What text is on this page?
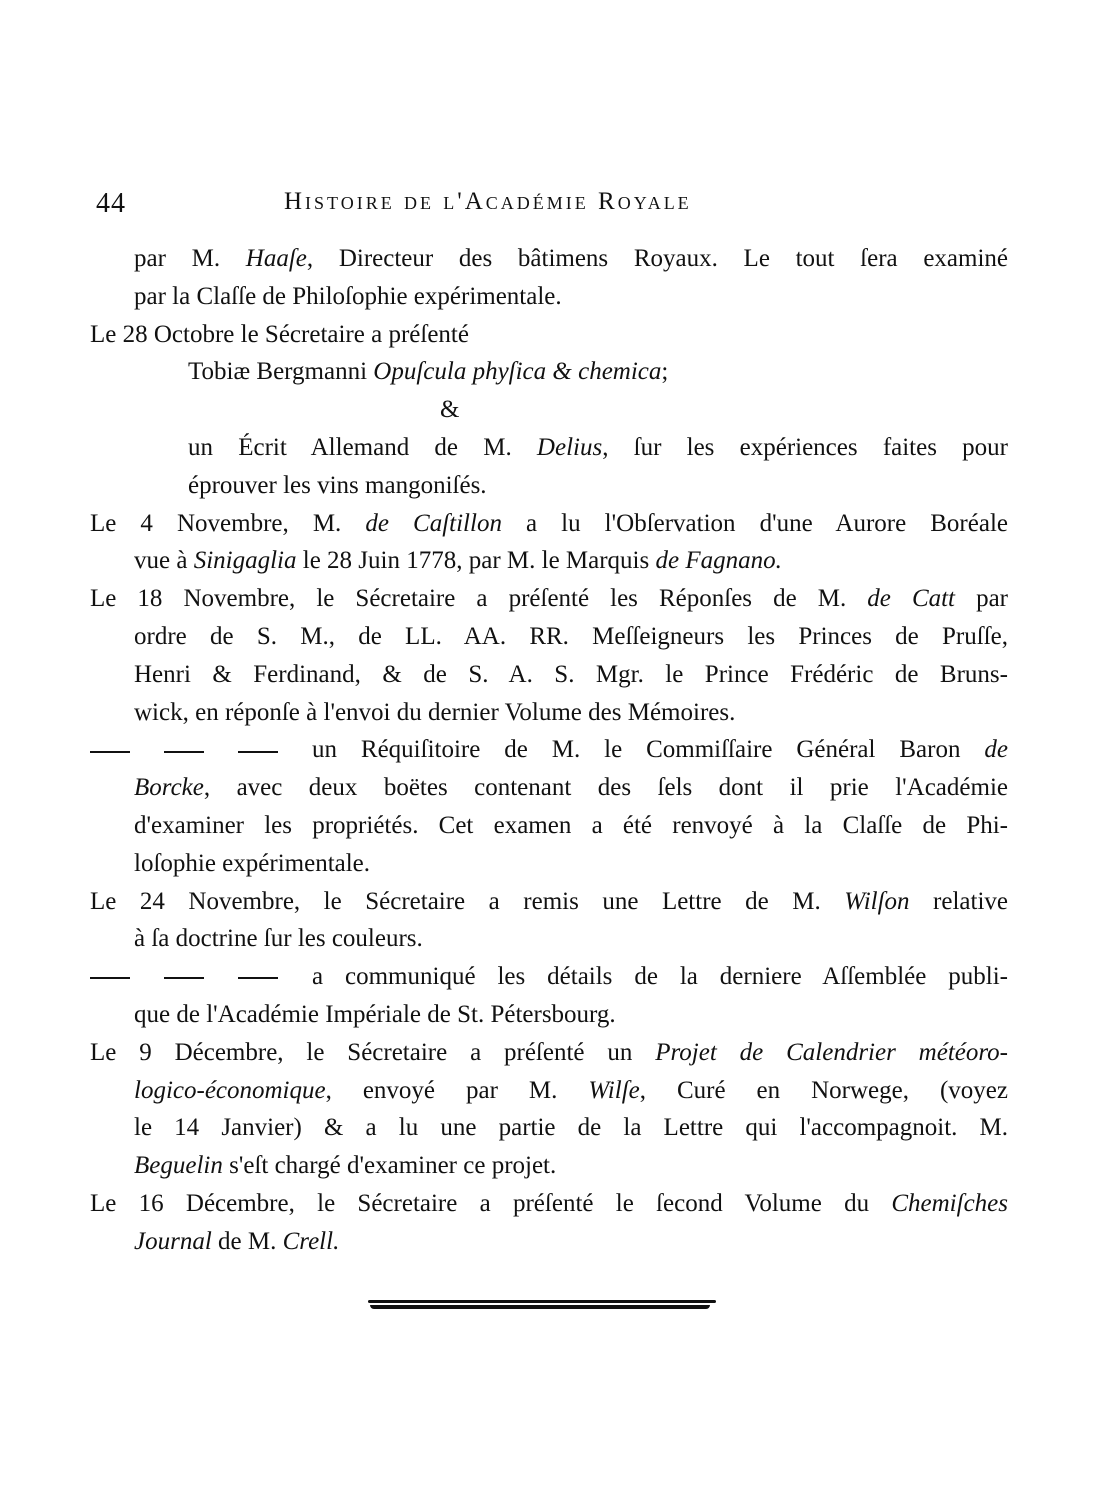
44	Histoire de l'Académie Royale
par M. Haaſe, Directeur des bâtimens Royaux. Le tout ſera examiné
par la Claſſe de Philoſophie expérimentale.
Le 28 Octobre le Sécretaire a préſenté
Tobiæ Bergmanni Opuſcula phyſica & chemica;
&
un Écrit Allemand de M. Delius, ſur les expériences faites pour
éprouver les vins mangoniſés.
Le 4 Novembre, M. de Caſtillon a lu l'Obſervation d'une Aurore Boréale
vue à Sinigaglia le 28 Juin 1778, par M. le Marquis de Fagnano.
Le 18 Novembre, le Sécretaire a préſenté les Réponſes de M. de Catt par
ordre de S. M., de LL. AA. RR. Meſſeigneurs les Princes de Pruſſe,
Henri & Ferdinand, & de S. A. S. Mgr. le Prince Frédéric de Bruns-
wick, en réponſe à l'envoi du dernier Volume des Mémoires.
un Réquiſitoire de M. le Commiſſaire Général Baron de
Borcke, avec deux boëtes contenant des ſels dont il prie l'Académie
d'examiner les propriétés. Cet examen a été renvoyé à la Claſſe de Phi-
loſophie expérimentale.
Le 24 Novembre, le Sécretaire a remis une Lettre de M. Wilſon relative
à ſa doctrine ſur les couleurs.
a communiqué les détails de la derniere Aſſemblée publi-
que de l'Académie Impériale de St. Pétersbourg.
Le 9 Décembre, le Sécretaire a préſenté un Projet de Calendrier météoro-
logico-économique, envoyé par M. Wilſe, Curé en Norwege, (voyez
le 14 Janvier) & a lu une partie de la Lettre qui l'accompagnoit. M.
Beguelin s'eſt chargé d'examiner ce projet.
Le 16 Décembre, le Sécretaire a préſenté le ſecond Volume du Chemiſches
Journal de M. Crell.
